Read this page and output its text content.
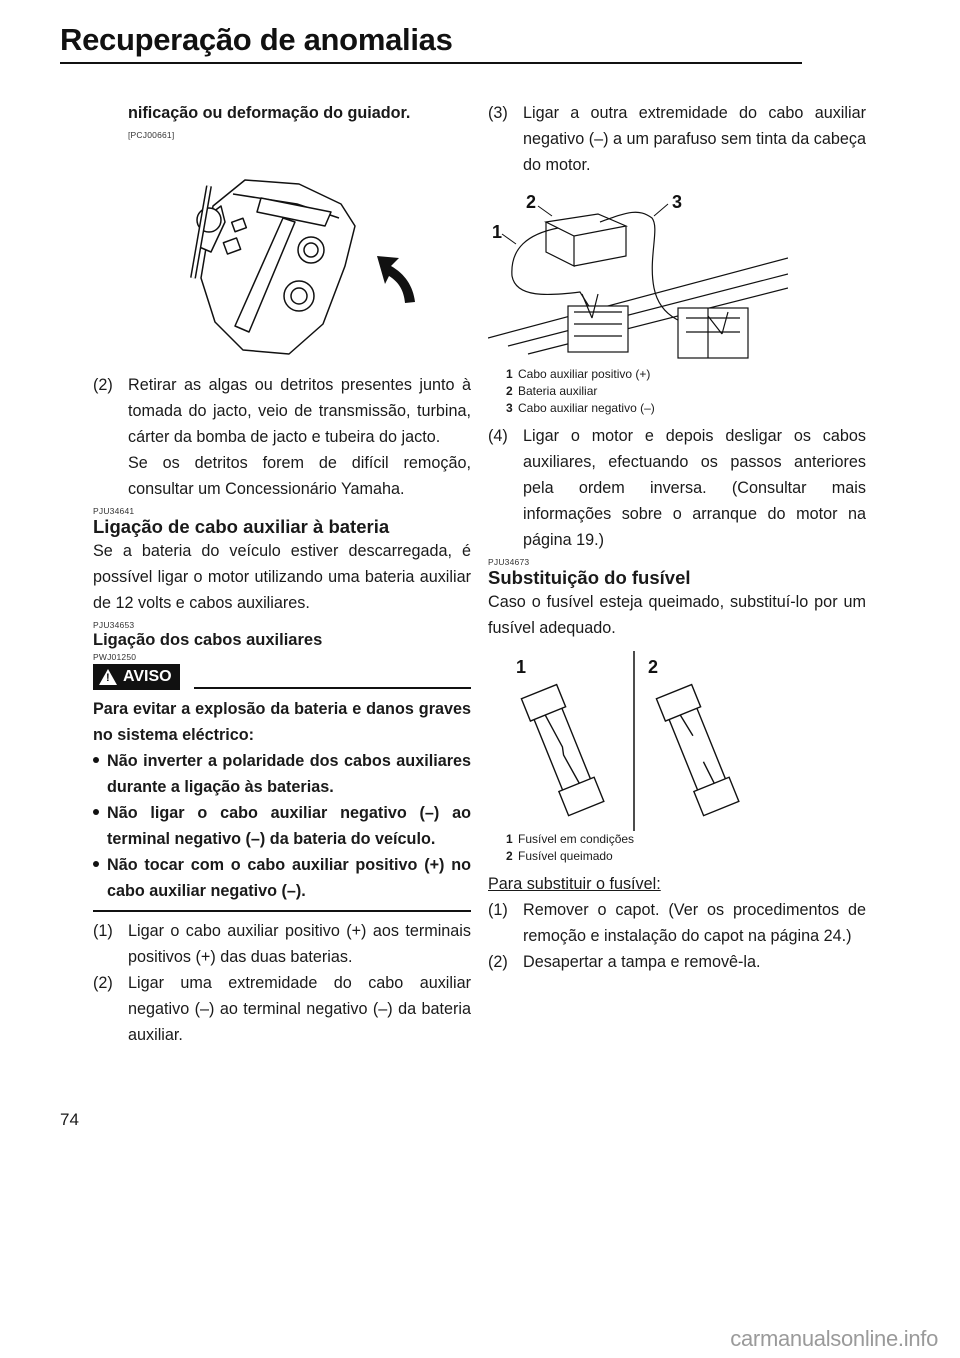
Recuperação de anomalias
nificação ou deformação do guiador.
[PCJ00661]
(2) Retirar as algas ou detritos presentes junto à tomada do jacto, veio de transmissão, turbina, cárter da bomba de jacto e tubeira do jacto.
Se os detritos forem de difícil remoção, consultar um Concessionário Yamaha.
PJU34641
Ligação de cabo auxiliar à bateria
Se a bateria do veículo estiver descarregada, é possível ligar o motor utilizando uma bateria auxiliar de 12 volts e cabos auxiliares.
PJU34653
Ligação dos cabos auxiliares
PWJ01250
! AVISO
Para evitar a explosão da bateria e danos graves no sistema eléctrico:
Não inverter a polaridade dos cabos auxiliares durante a ligação às baterias.
Não ligar o cabo auxiliar negativo (–) ao terminal negativo (–) da bateria do veículo.
Não tocar com o cabo auxiliar positivo (+) no cabo auxiliar negativo (–).
(1) Ligar o cabo auxiliar positivo (+) aos terminais positivos (+) das duas baterias.
(2) Ligar uma extremidade do cabo auxiliar negativo (–) ao terminal negativo (–) da bateria auxiliar.
(3) Ligar a outra extremidade do cabo auxiliar negativo (–) a um parafuso sem tinta da cabeça do motor.
1
2	3
1 Cabo auxiliar positivo (+)
2 Bateria auxiliar
3 Cabo auxiliar negativo (–)
(4) Ligar o motor e depois desligar os cabos auxiliares, efectuando os passos anteriores pela ordem inversa. (Consultar mais informações sobre o arranque do motor na página 19.)
PJU34673
Substituição do fusível
Caso o fusível esteja queimado, substituí-lo por um fusível adequado.
1	2
1 Fusível em condições
2 Fusível queimado
Para substituir o fusível:
(1) Remover o capot. (Ver os procedimentos de remoção e instalação do capot na página 24.)
(2) Desapertar a tampa e removê-la.
74
carmanualsonline.info
